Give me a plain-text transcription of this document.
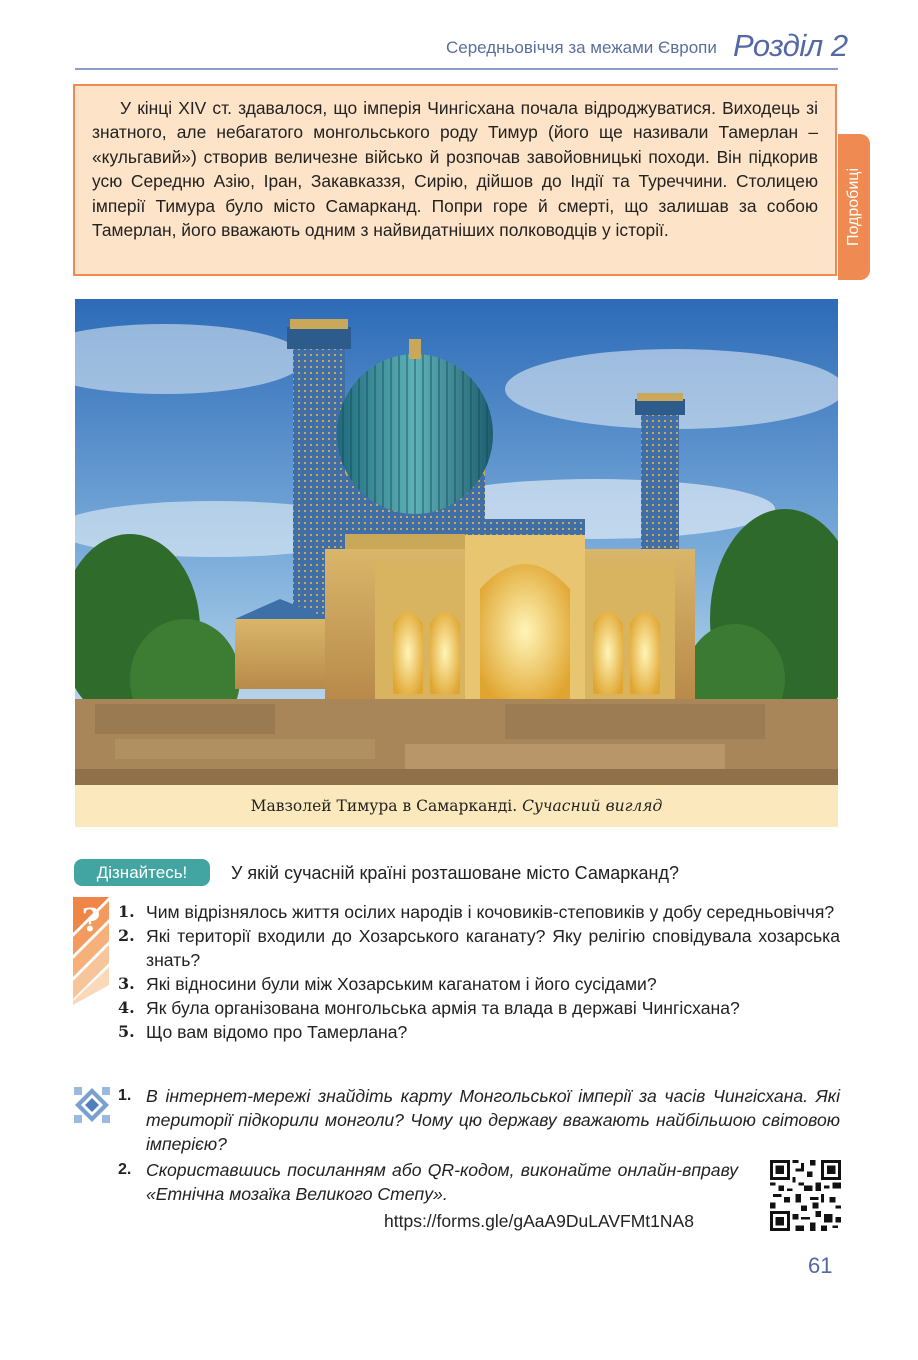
Середньовіччя за межами Європи Розділ 2

У кінці XIV ст. здавалося, що імперія Чингісхана почала відроджуватися. Виходець зі знатного, але небагатого монгольського роду Тимур (його ще називали Тамерлан – «кульгавий») створив величезне військо й розпочав завойовницькі походи. Він підкорив усю Середню Азію, Іран, Закавказзя, Сирію, дійшов до Індії та Туреччини. Столицею імперії Тимура було місто Самарканд. Попри горе й смерті, що залишав за собою Тамерлан, його вважають одним з найвидатніших полководців у історії.	Подробиці
Мавзолей Тимура в Самарканді. Сучасний вигляд
Дізнайтесь!	У якій сучасній країні розташоване місто Самарканд?
? 1. Чим відрізнялось життя осілих народів і кочовиків-степовиків у добу середньовіччя?
2. Які території входили до Хозарського каганату? Яку релігію сповідувала хозарська знать?
3. Які відносини були між Хозарським каганатом і його сусідами?
4. Як була організована монгольська армія та влада в державі Чингісхана?
5. Що вам відомо про Тамерлана?
1. В інтернет-мережі знайдіть карту Монгольської імперії за часів Чингісхана. Які території підкорили монголи? Чому цю державу вважають найбільшою світовою імперією?
2. Скориставшись посиланням або QR-кодом, виконайте онлайн-вправу «Етнічна мозаїка Великого Степу».
https://forms.gle/gAaA9DuLAVFMt1NA8
61
